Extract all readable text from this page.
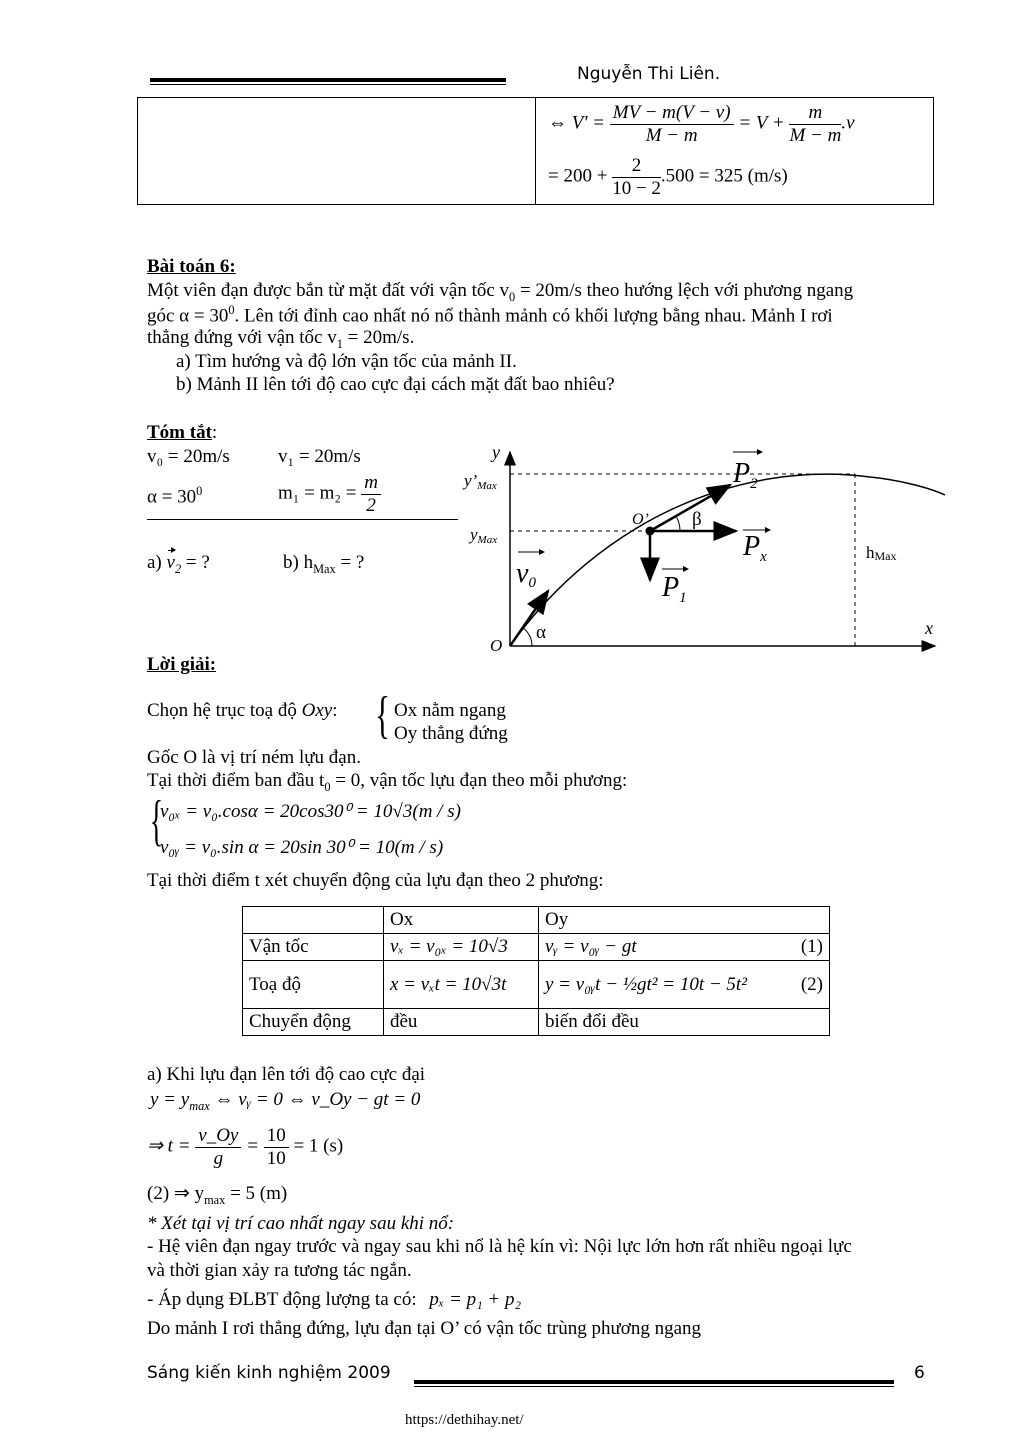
Nguyễn Thi Liên.
⇔ $V' = \frac{MV - m(V - v)}{M - m} = V + \frac{m}{M - m} .v$
= $200 + \frac{2}{10 - 2} .500 = 325$ (m/s)
Bài toán 6:
Một viên đạn được bắn từ mặt đất với vận tốc $v_0 = 20m/s$ theo hướng lệch với phương ngang
góc $\alpha = 30^0$. Lên tới đỉnh cao nhất nó nổ thành mảnh có khối lượng bằng nhau. Mảnh I rơi
thẳng đứng với vận tốc $v_1 = 20m/s$.
a) Tìm hướng và độ lớn vận tốc của mảnh II.
b) Mảnh II lên tới độ cao cực đại cách mặt đất bao nhiêu?
Tóm tắt:
v₀ = 20m/s	v₁ = 20m/s
$\alpha = 30^0$	$m_1 = m_2 = \frac{m}{2}$
a) $v_2$ = ?	b) $h_{Max}$ = ?
y
x
O
y’Max
yMax
O’ β
α
$P_2$
$P_x$
$P_1$
v0
hMax
Lời giải:
Chọn hệ trục toạ độ Oxy: { Ox nằm ngang
Oy thẳng đứng
Gốc O là vị trí ném lựu đạn.
Tại thời điểm ban đầu $t_0 = 0$, vận tốc lựu đạn theo mỗi phương:
{
v₀ₓ = v₀.cosα = 20cos30⁰ = 10√3(m / s)
v₀ᵧ = v₀.sin α = 20sin 30⁰ = 10(m / s)
Tại thời điểm t xét chuyển động của lựu đạn theo 2 phương:
	Ox	Oy	
Vận tốc	vₓ = v₀ₓ = 10√3	vᵧ = v₀ᵧ − gt	(1)
Toạ độ	x = vₓt = 10√3t	y = v₀ᵧt − ½gt² = 10t − 5t²	(2)
Chuyển động	đều	biến đổi đều	
a) Khi lựu đạn lên tới độ cao cực đại
$y = y_{max}$ ⇔ vᵧ = 0 ⇔ v_Oy − gt = 0
⇒ $t = \frac{v\_Oy}{g} = \frac{10}{10} = 1$ (s)
(2) ⇒ $y_{max} = 5$ (m)
* Xét tại vị trí cao nhất ngay sau khi nổ:
- Hệ viên đạn ngay trước và ngay sau khi nổ là hệ kín vì: Nội lực lớn hơn rất nhiều ngoại lực
và thời gian xảy ra tương tác ngắn.
- Áp dụng ĐLBT động lượng ta có: pₓ = p₁ + p₂
Do mảnh I rơi thẳng đứng, lựu đạn tại O’ có vận tốc trùng phương ngang
Sáng kiến kinh nghiệm 2009	6
https://dethihay.net/
